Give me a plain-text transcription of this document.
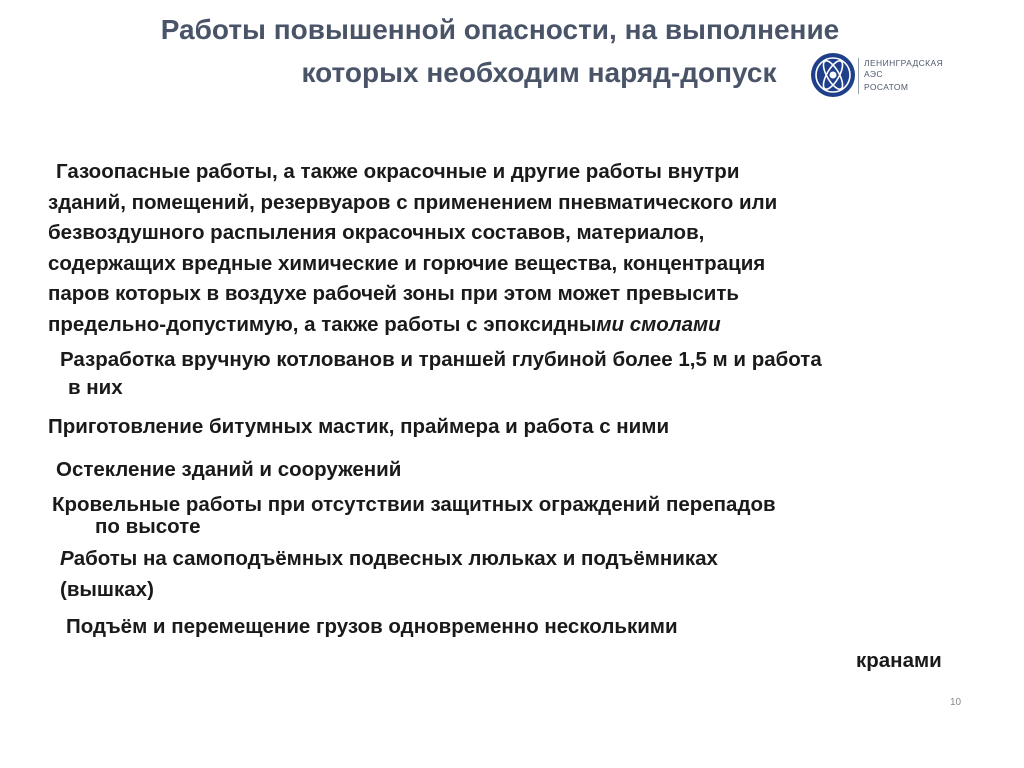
Работы повышенной опасности, на выполнение
которых необходим наряд-допуск	ЛЕНИНГРАДСКАЯ
АЭС
РОСАТОМ
Газоопасные работы, а также окрасочные и другие работы внутри
зданий, помещений, резервуаров с применением пневматического или
безвоздушного распыления окрасочных составов, материалов,
содержащих вредные химические и горючие вещества, концентрация
паров которых в воздухе рабочей зоны при этом может превысить
предельно-допустимую, а также работы с эпоксидными смолами
Разработка вручную котлованов и траншей глубиной более 1,5 м и работа
в них
Приготовление битумных мастик, праймера и работа с ними
Остекление зданий и сооружений
Кровельные работы при отсутствии защитных ограждений перепадов
по высоте
Работы на самоподъёмных подвесных люльках и подъёмниках
(вышках)
Подъём и перемещение грузов одновременно несколькими
кранами
10
